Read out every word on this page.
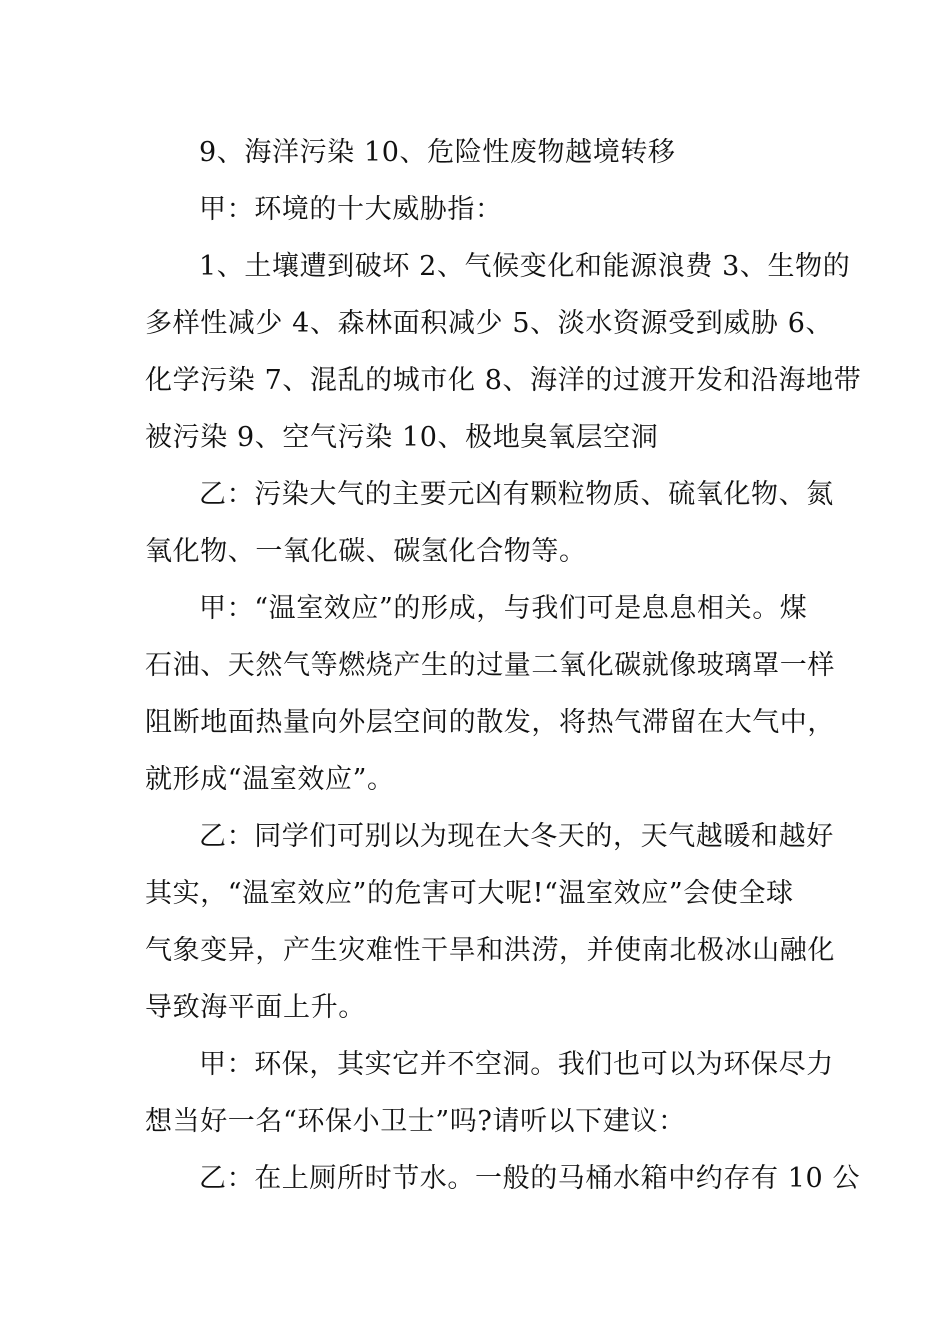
9、海洋污染 10、危险性废物越境转移
甲：环境的十大威胁指：
1、土壤遭到破坏 2、气候变化和能源浪费 3、生物的
多样性减少 4、森林面积减少 5、淡水资源受到威胁 6、
化学污染 7、混乱的城市化 8、海洋的过渡开发和沿海地带
被污染 9、空气污染 10、极地臭氧层空洞
乙：污染大气的主要元凶有颗粒物质、硫氧化物、氮
氧化物、一氧化碳、碳氢化合物等。
甲：“温室效应”的形成，与我们可是息息相关。煤
石油、天然气等燃烧产生的过量二氧化碳就像玻璃罩一样
阻断地面热量向外层空间的散发，将热气滞留在大气中，
就形成“温室效应”。
乙：同学们可别以为现在大冬天的，天气越暖和越好
其实，“温室效应”的危害可大呢!“温室效应”会使全球
气象变异，产生灾难性干旱和洪涝，并使南北极冰山融化
导致海平面上升。
甲：环保，其实它并不空洞。我们也可以为环保尽力
想当好一名“环保小卫士”吗?请听以下建议：
乙：在上厕所时节水。一般的马桶水箱中约存有 10 公
